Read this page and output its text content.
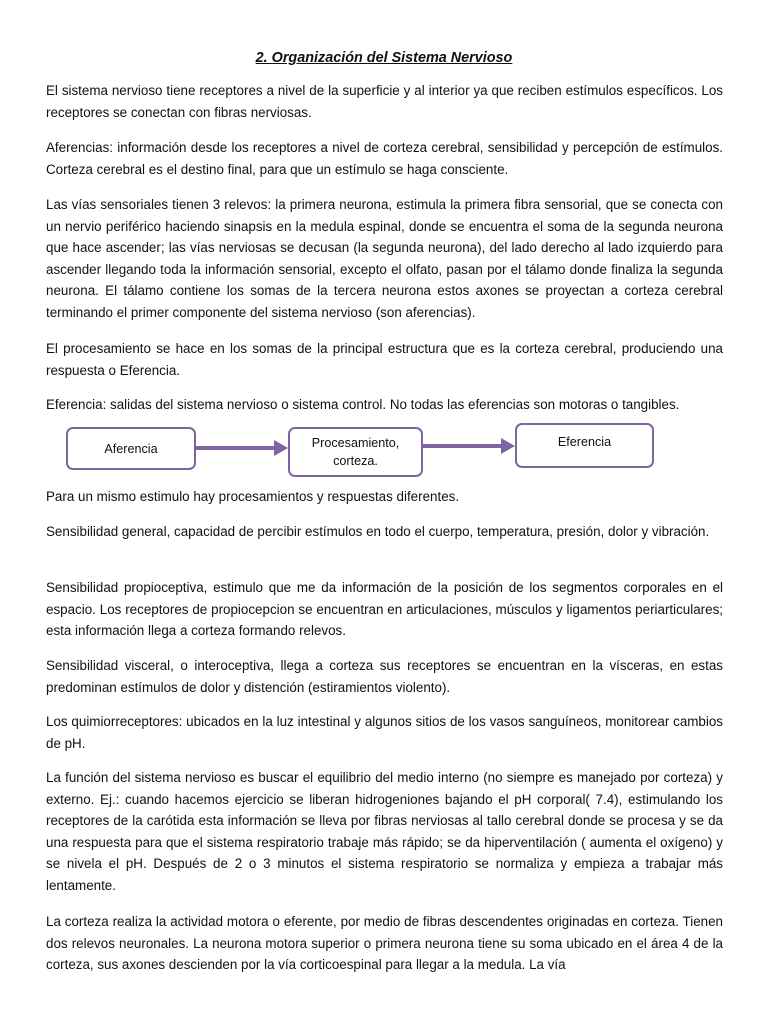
2. Organización del Sistema Nervioso

El sistema nervioso tiene receptores a nivel de la superficie y al interior ya que reciben estímulos específicos. Los receptores se conectan con fibras nerviosas.

Aferencias: información desde los receptores a nivel de corteza cerebral, sensibilidad y percepción de estímulos. Corteza cerebral es el destino final, para que un estímulo se haga consciente.

Las vías sensoriales tienen 3 relevos: la primera neurona, estimula la primera fibra sensorial, que se conecta con un nervio periférico haciendo sinapsis en la medula espinal, donde se encuentra el soma de la segunda neurona que hace ascender; las vías nerviosas se decusan (la segunda neurona), del lado derecho al lado izquierdo para ascender llegando toda la información sensorial, excepto el olfato, pasan por el tálamo donde finaliza la segunda neurona. El tálamo contiene los somas de la tercera neurona estos axones se proyectan a corteza cerebral terminando el primer componente del sistema nervioso (son aferencias).

El procesamiento se hace en los somas de la principal estructura que es la corteza cerebral, produciendo una respuesta o Eferencia.

Eferencia: salidas del sistema nervioso o sistema control. No todas las eferencias son motoras o tangibles.

Aferencia	Procesamiento,
corteza.
Eferencia

Para un mismo estimulo hay procesamientos y respuestas diferentes.

Sensibilidad general, capacidad de percibir estímulos en todo el cuerpo, temperatura, presión, dolor y vibración.

Sensibilidad propioceptiva, estimulo que me da información de la posición de los segmentos corporales en el espacio. Los receptores de propiocepcion se encuentran en articulaciones, músculos y ligamentos periarticulares; esta información llega a corteza formando relevos.

Sensibilidad visceral, o interoceptiva, llega a corteza sus receptores se encuentran en la vísceras, en estas predominan estímulos de dolor y distención (estiramientos violento).

Los quimiorreceptores: ubicados en la luz intestinal y algunos sitios de los vasos sanguíneos, monitorear cambios de pH.

La función del sistema nervioso es buscar el equilibrio del medio interno (no siempre es manejado por corteza) y externo. Ej.: cuando hacemos ejercicio se liberan hidrogeniones bajando el pH corporal( 7.4), estimulando los receptores de la carótida esta información se lleva por fibras nerviosas al tallo cerebral donde se procesa y se da una respuesta para que el sistema respiratorio trabaje más rápido; se da hiperventilación ( aumenta el oxígeno) y se nivela el pH. Después de 2 o 3 minutos el sistema respiratorio se normaliza y empieza a trabajar más lentamente.

La corteza realiza la actividad motora o eferente, por medio de fibras descendentes originadas en corteza. Tienen dos relevos neuronales. La neurona motora superior o primera neurona tiene su soma ubicado en el área 4 de la corteza, sus axones descienden por la vía corticoespinal para llegar a la medula. La vía
